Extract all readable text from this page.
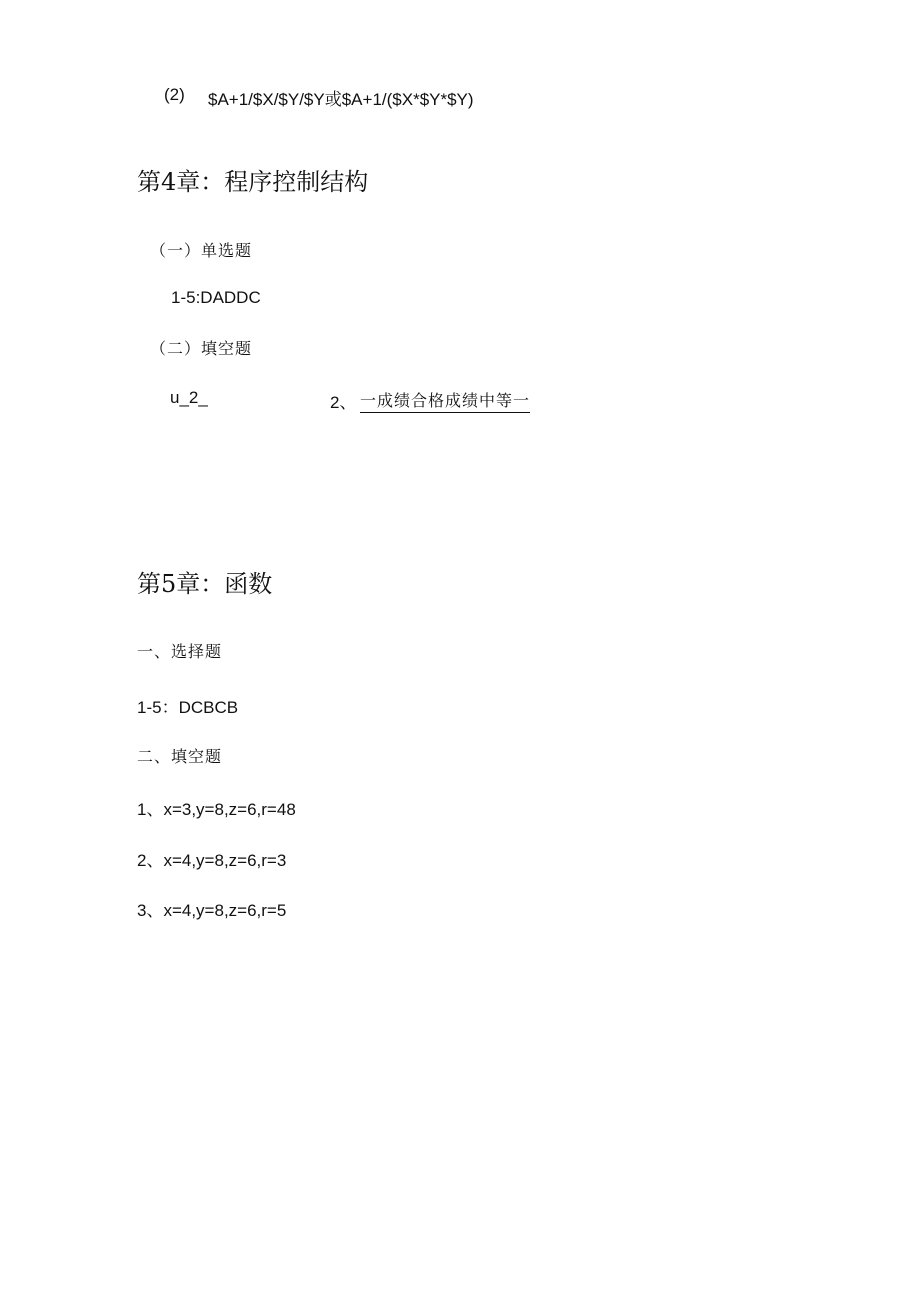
(2) $A+1/$X/$Y/$Y或$A+1/($X*$Y*$Y)
第4章：程序控制结构
（一）单选题
1-5:DADDC
（二）填空题
u_2_	2、 一成绩合格成绩中等一
第5章：函数
一、选择题
1-5：DCBCB
二、填空题
1、x=3,y=8,z=6,r=48
2、x=4,y=8,z=6,r=3
3、x=4,y=8,z=6,r=5
